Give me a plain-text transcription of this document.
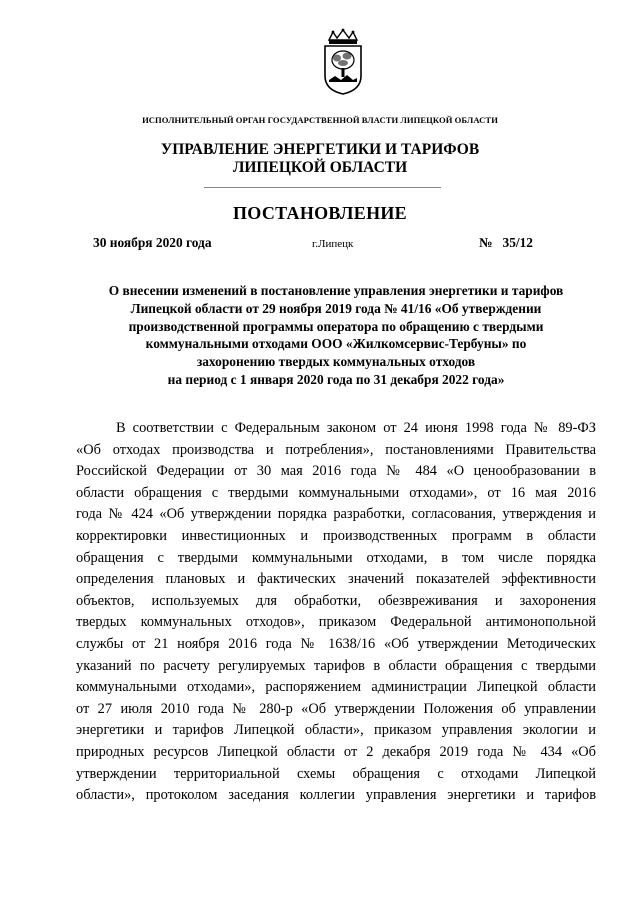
ИСПОЛНИТЕЛЬНЫЙ ОРГАН ГОСУДАРСТВЕННОЙ ВЛАСТИ ЛИПЕЦКОЙ ОБЛАСТИ
УПРАВЛЕНИЕ ЭНЕРГЕТИКИ И ТАРИФОВ
ЛИПЕЦКОЙ ОБЛАСТИ
ПОСТАНОВЛЕНИЕ
30 ноября 2020 года	г.Липецк	№   35/12
О внесении изменений в постановление управления энергетики и тарифов
Липецкой области от 29 ноября 2019 года № 41/16 «Об утверждении
производственной программы оператора по обращению с твердыми
коммунальными отходами ООО «Жилкомсервис-Тербуны» по
захоронению твердых коммунальных отходов
на период с 1 января 2020 года по 31 декабря 2022 года»
В соответствии с Федеральным законом от 24 июня 1998 года № 89-ФЗ
«Об отходах производства и потребления», постановлениями Правительства
Российской Федерации от 30 мая 2016 года № 484 «О ценообразовании в
области обращения с твердыми коммунальными отходами», от 16 мая 2016
года № 424 «Об утверждении порядка разработки, согласования, утверждения и
корректировки инвестиционных и производственных программ в области
обращения с твердыми коммунальными отходами, в том числе порядка
определения плановых и фактических значений показателей эффективности
объектов, используемых для обработки, обезвреживания и захоронения
твердых коммунальных отходов», приказом Федеральной антимонопольной
службы от 21 ноября 2016 года № 1638/16 «Об утверждении Методических
указаний по расчету регулируемых тарифов в области обращения с твердыми
коммунальными отходами», распоряжением администрации Липецкой области
от 27 июля 2010 года № 280-р «Об утверждении Положения об управлении
энергетики и тарифов Липецкой области», приказом управления экологии и
природных ресурсов Липецкой области от 2 декабря 2019 года № 434 «Об
утверждении территориальной схемы обращения с отходами Липецкой
области», протоколом заседания коллегии управления энергетики и тарифов
